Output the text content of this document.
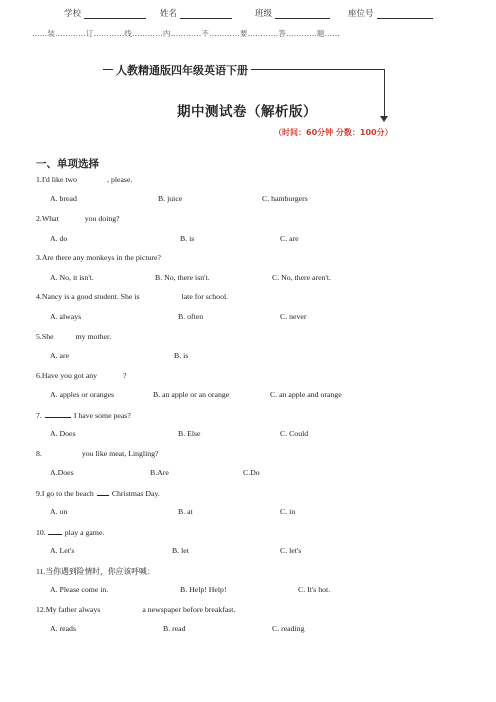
学校	姓名	班级	座位号
……装…………订…………线…………内…………不…………要…………答…………题……
人教精通版四年级英语下册
期中测试卷（解析版）
（时间：60分钟 分数：100分）
一、单项选择
1.I'd like two	, please.
A. bread	B. juice	C. hamburgers
2.What	you doing?
A. do	B. is	C. are
3.Are there any monkeys in the picture?
A. No, it isn't.	B. No, there isn't.	C. No, there aren't.
4.Nancy is a good student. She is	late for school.
A. always	B. often	C. never
5.She	my mother.
A. are	B. is
6.Have you got any	?
A. apples or oranges	B. an apple or an orange	C. an apple and orange
7.	I have some peas?
A. Does	B. Else	C. Could
8.	you like meat, Lingling?
A.Does	B.Are	C.Do
9.I go to the beach Christmas Day.
A. on	B. at	C. in
10. play a game.
A. Let's	B. let	C. let's
11.当你遇到险情时，你应该呼喊：
A. Please come in.	B. Help! Help!	C. It's hot.
12.My father always	a newspaper before breakfast.
A. reads	B. read	C. reading
